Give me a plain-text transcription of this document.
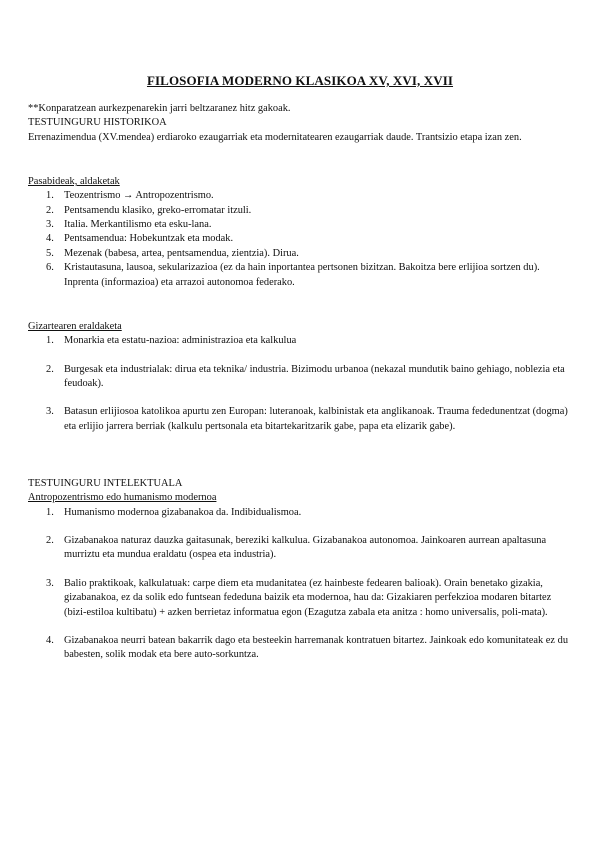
FILOSOFIA MODERNO KLASIKOA XV, XVI, XVII
**Konparatzean aurkezpenarekin jarri beltzaranez hitz gakoak.
TESTUINGURU HISTORIKOA
Errenazimendua (XV.mendea) erdiaroko ezaugarriak eta modernitatearen ezaugarriak daude. Trantsizio etapa izan zen.
Pasabideak, aldaketak
1. Teozentrismo → Antropozentrismo.
2. Pentsamendu klasiko, greko-erromatar itzuli.
3. Italia. Merkantilismo eta esku-lana.
4. Pentsamendua: Hobekuntzak eta modak.
5. Mezenak (babesa, artea, pentsamendua, zientzia). Dirua.
6. Kristautasuna, lausoa, sekularizazioa (ez da hain inportantea pertsonen bizitzan. Bakoitza bere erlijioa sortzen du). Inprenta (informazioa) eta arrazoi autonomoa federako.
Gizartearen eraldaketa
1. Monarkia eta estatu-nazioa: administrazioa eta kalkulua
2. Burgesak eta industrialak: dirua eta teknika/ industria. Bizimodu urbanoa (nekazal mundutik baino gehiago, noblezia eta feudoak).
3. Batasun erlijiosoa katolikoa apurtu zen Europan: luteranoak, kalbinistak eta anglikanoak. Trauma fededunentzat (dogma) eta erlijio jarrera berriak (kalkulu pertsonala eta bitartekaritzarik gabe, papa eta elizarik gabe).
TESTUINGURU INTELEKTUALA
Antropozentrismo edo humanismo modernoa
1. Humanismo modernoa gizabanakoa da. Indibidualismoa.
2. Gizabanakoa naturaz dauzka gaitasunak, bereziki kalkulua. Gizabanakoa autonomoa. Jainkoaren aurrean apaltasuna murriztu eta mundua eraldatu (ospea eta industria).
3. Balio praktikoak, kalkulatuak: carpe diem eta mudanitatea (ez hainbeste fedearen balioak). Orain benetako gizakia, gizabanakoa, ez da solik edo funtsean fededuna baizik eta modernoa, hau da: Gizakiaren perfekzioa modaren bitartez (bizi-estiloa kultibatu) + azken berrietaz informatua egon (Ezagutza zabala eta anitza : homo universalis, poli-mata).
4. Gizabanakoa neurri batean bakarrik dago eta besteekin harremanak kontratuen bitartez. Jainkoak edo komunitateak ez du babesten, solik modak eta bere auto-sorkuntza.
